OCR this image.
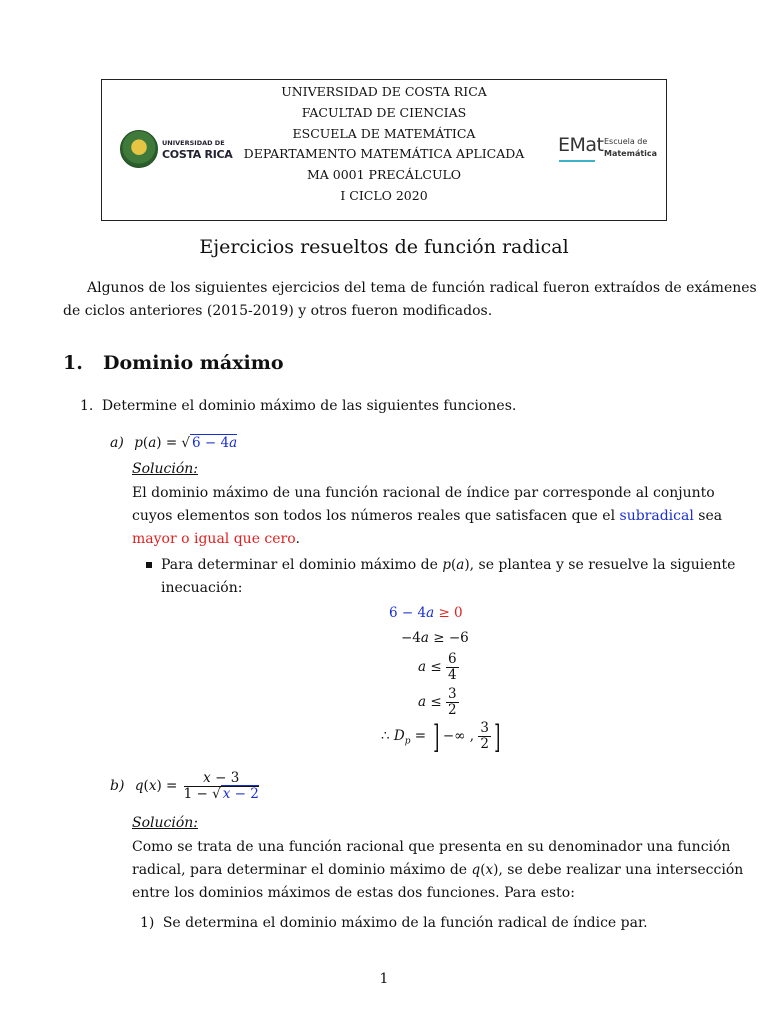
UNIVERSIDAD DE COSTA RICA
FACULTAD DE CIENCIAS
ESCUELA DE MATEMÁTICA
DEPARTAMENTO MATEMÁTICA APLICADA
MA 0001 PRECÁLCULO
I CICLO 2020
UNIVERSIDAD DE
COSTA RICA	EMat Escuela de
Matemática
Ejercicios resueltos de función radical
Algunos de los siguientes ejercicios del tema de función radical fueron extraídos de exámenes
de ciclos anteriores (2015-2019) y otros fueron modificados.
1. Dominio máximo
1. Determine el dominio máximo de las siguientes funciones.
a) p(a) = √ 6 − 4a
Solución:
El dominio máximo de una función racional de índice par corresponde al conjunto
cuyos elementos son todos los números reales que satisfacen que el subradical sea
mayor o igual que cero.
Para determinar el dominio máximo de p(a), se plantea y se resuelve la siguiente
inecuación:
6 − 4a ≥ 0
−4a ≥ −6
$a \le \frac{6}{4}$
$a \le \frac{3}{2}$
∴ $D_p$ = ] −∞ , $\frac{3}{2}$ ]
b) $q(x) = \frac{x - 3}{1 - √ x - 2}$
Solución:
Como se trata de una función racional que presenta en su denominador una función
radical, para determinar el dominio máximo de q(x), se debe realizar una intersección
entre los dominios máximos de estas dos funciones. Para esto:
1) Se determina el dominio máximo de la función radical de índice par.
1
